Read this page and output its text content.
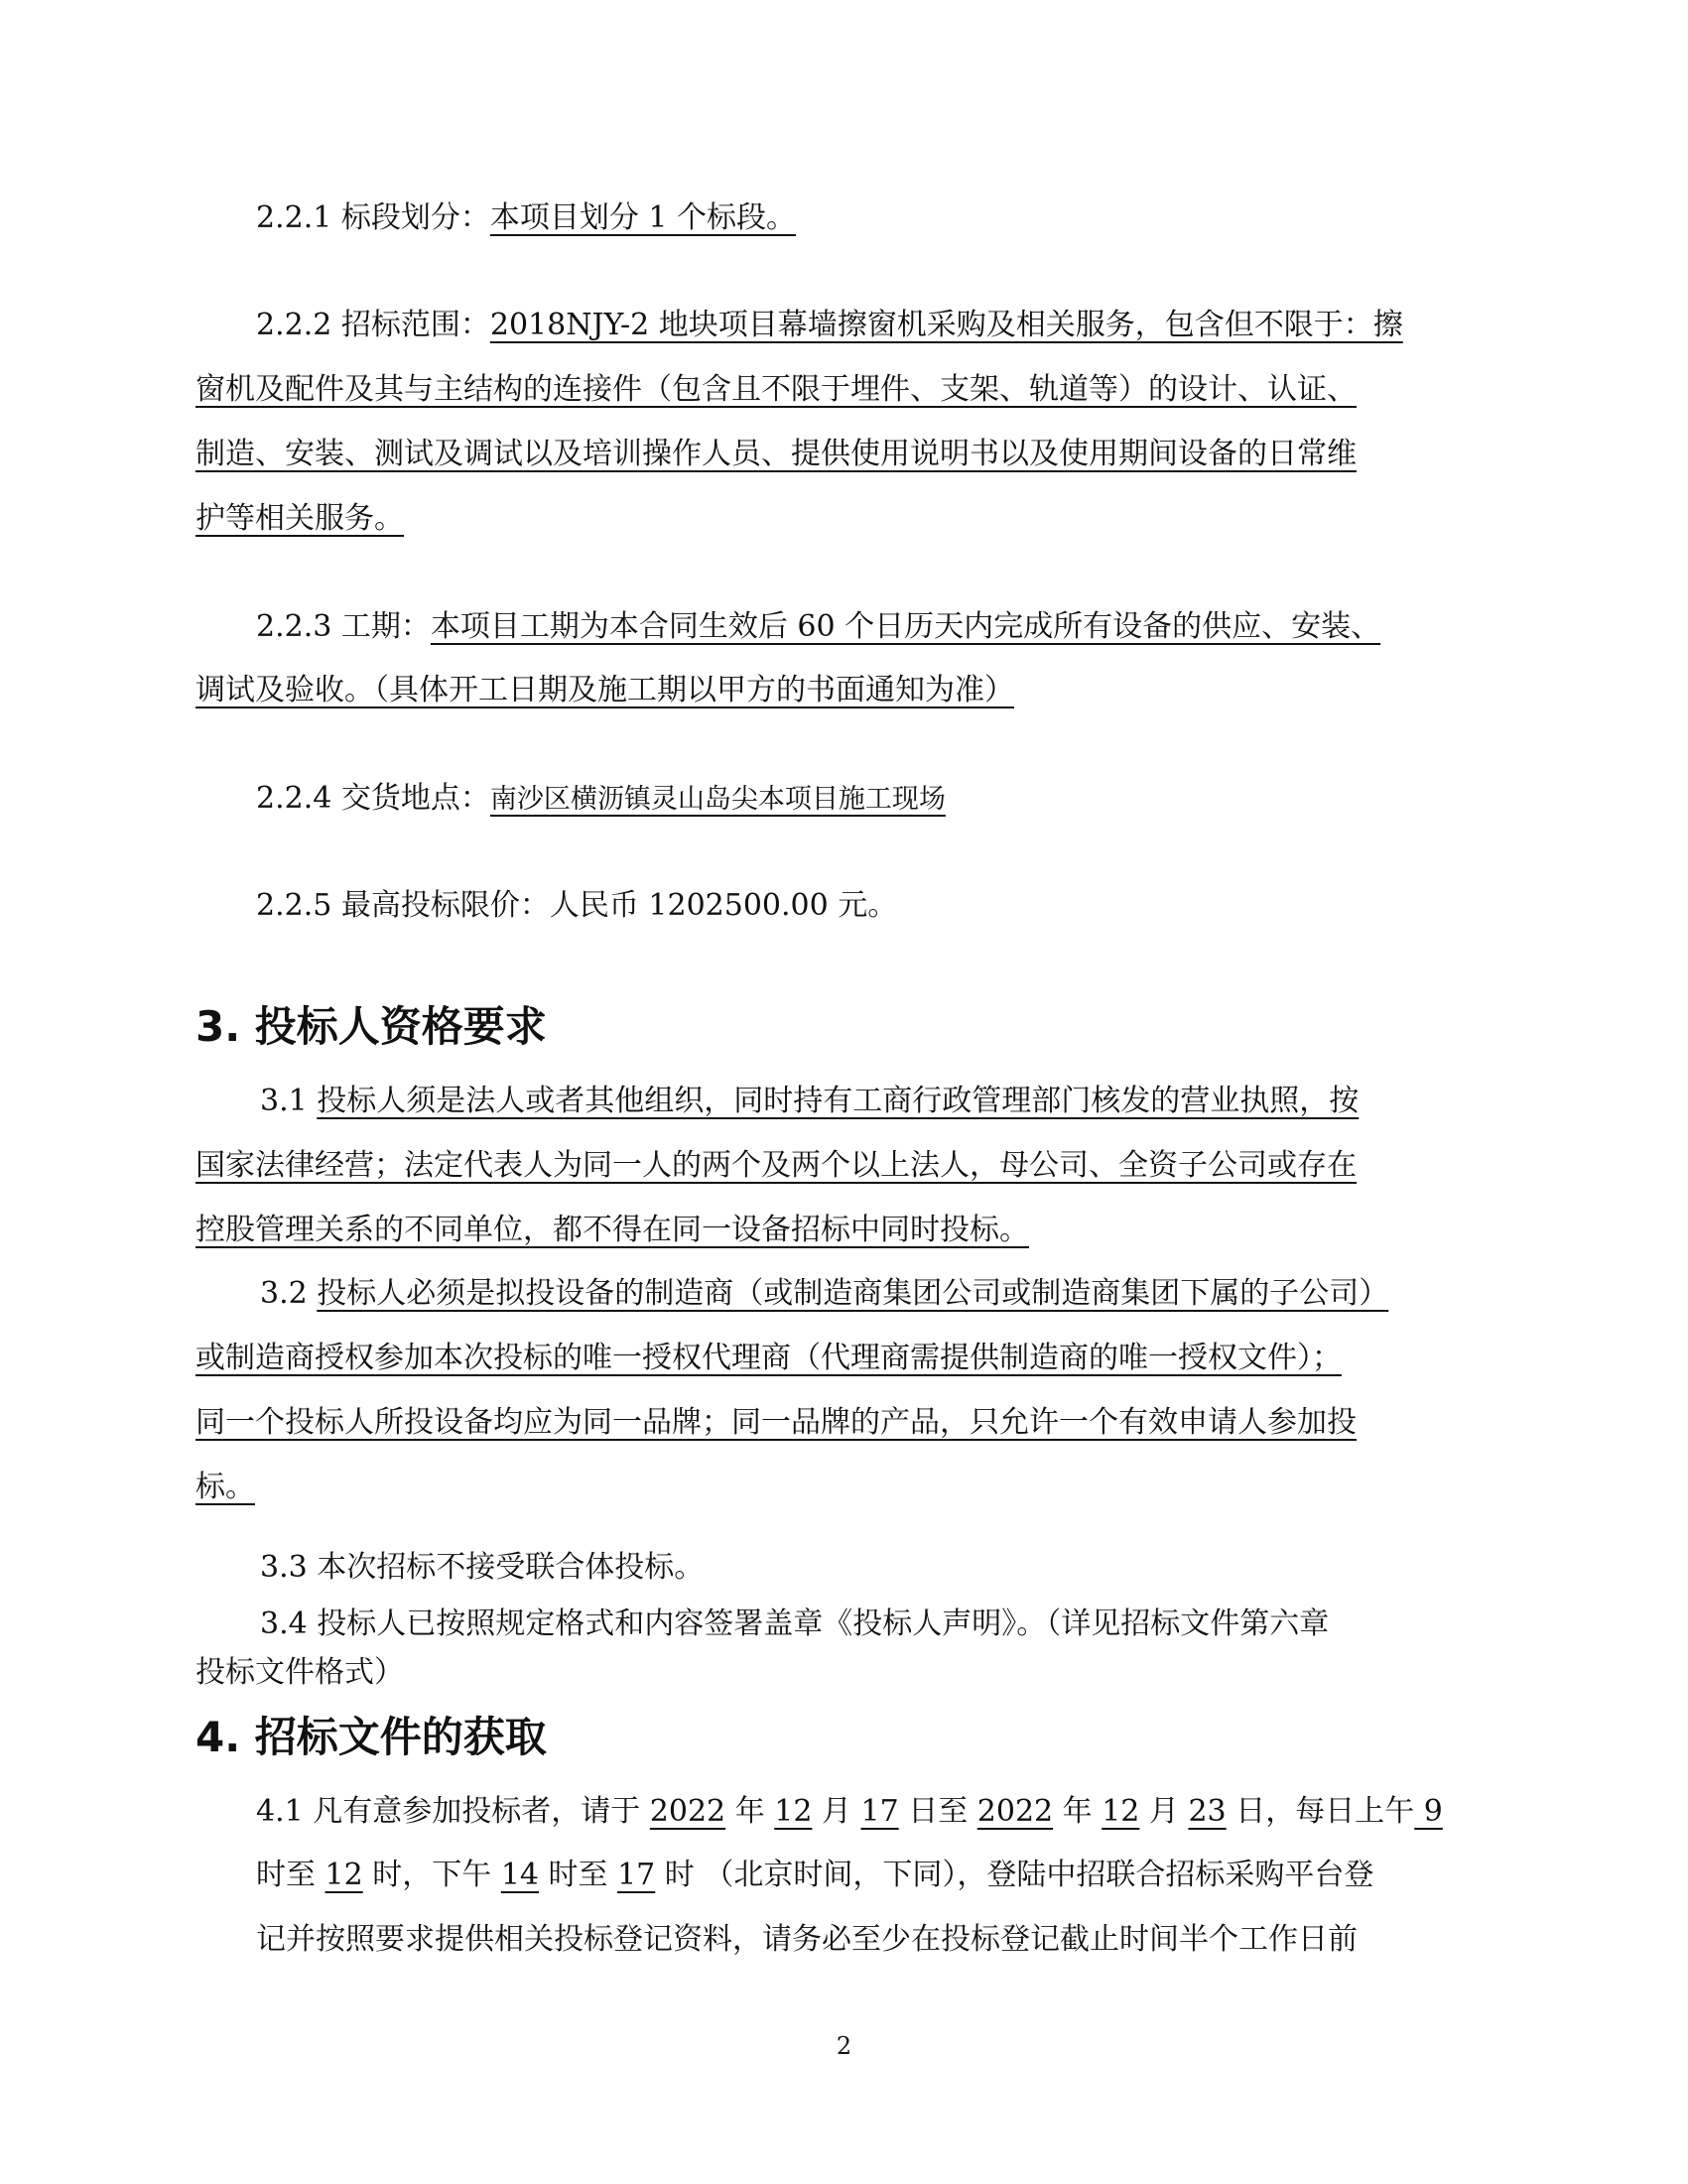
2.2.1 标段划分：本项目划分 1 个标段。
2.2.2 招标范围：2018NJY-2 地块项目幕墙擦窗机采购及相关服务，包含但不限于：擦
窗机及配件及其与主结构的连接件（包含且不限于埋件、支架、轨道等）的设计、认证、
制造、安装、测试及调试以及培训操作人员、提供使用说明书以及使用期间设备的日常维
护等相关服务。
2.2.3 工期：本项目工期为本合同生效后 60 个日历天内完成所有设备的供应、安装、
调试及验收。（具体开工日期及施工期以甲方的书面通知为准）
2.2.4 交货地点：南沙区横沥镇灵山岛尖本项目施工现场
2.2.5 最高投标限价：人民币 1202500.00 元。
3. 投标人资格要求
3.1 投标人须是法人或者其他组织，同时持有工商行政管理部门核发的营业执照，按
国家法律经营；法定代表人为同一人的两个及两个以上法人，母公司、全资子公司或存在
控股管理关系的不同单位，都不得在同一设备招标中同时投标。
3.2 投标人必须是拟投设备的制造商（或制造商集团公司或制造商集团下属的子公司）
或制造商授权参加本次投标的唯一授权代理商（代理商需提供制造商的唯一授权文件）；
同一个投标人所投设备均应为同一品牌；同一品牌的产品，只允许一个有效申请人参加投
标。
3.3 本次招标不接受联合体投标。
3.4 投标人已按照规定格式和内容签署盖章《投标人声明》。（详见招标文件第六章
投标文件格式）
4. 招标文件的获取
4.1 凡有意参加投标者，请于 2022 年 12 月 17 日至 2022 年 12 月 23 日，每日上午 9
时至 12 时，下午 14 时至 17 时 （北京时间，下同），登陆中招联合招标采购平台登
记并按照要求提供相关投标登记资料，请务必至少在投标登记截止时间半个工作日前
2
